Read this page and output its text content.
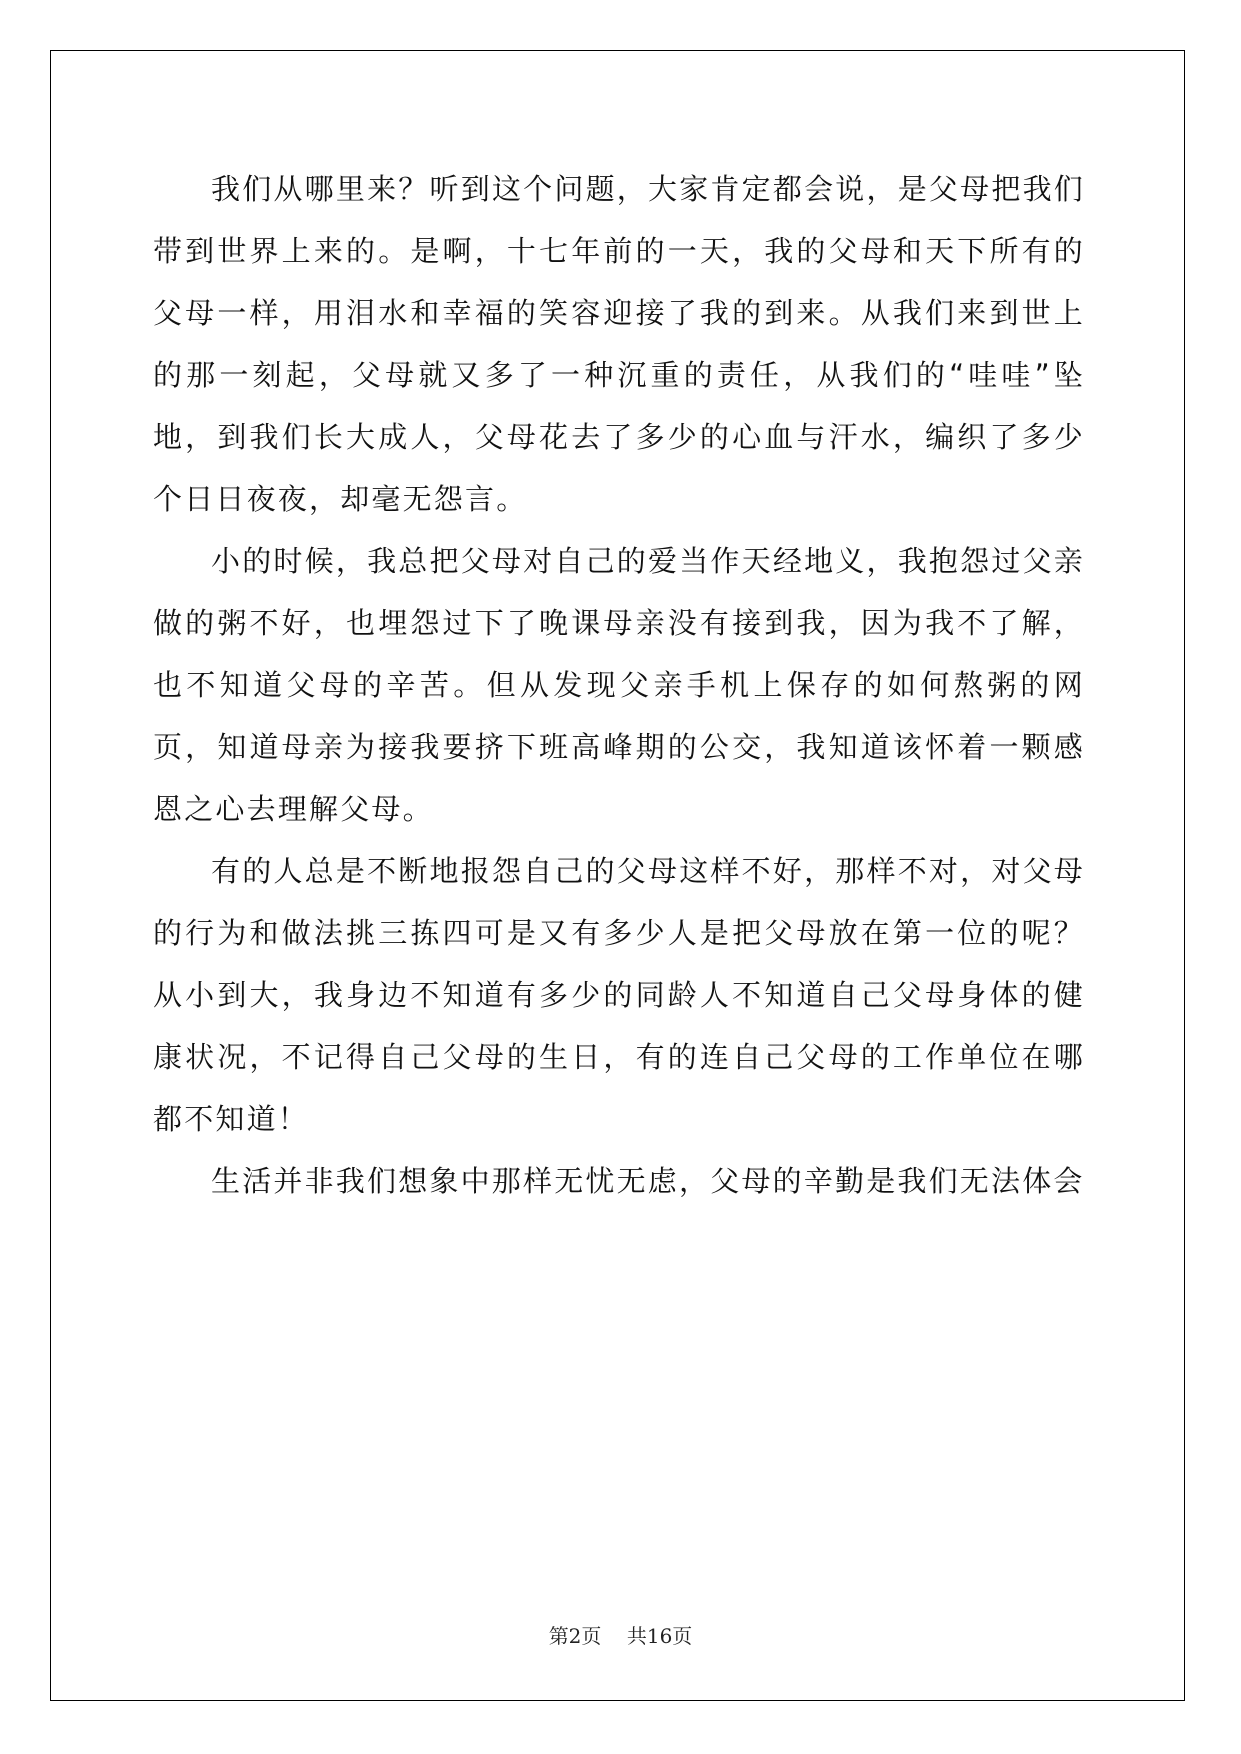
我们从哪里来？听到这个问题，大家肯定都会说，是父母把我们带到世界上来的。是啊，十七年前的一天，我的父母和天下所有的父母一样，用泪水和幸福的笑容迎接了我的到来。从我们来到世上的那一刻起，父母就又多了一种沉重的责任，从我们的“哇哇”坠地，到我们长大成人，父母花去了多少的心血与汗水，编织了多少个日日夜夜，却毫无怨言。

小的时候，我总把父母对自己的爱当作天经地义，我抱怨过父亲做的粥不好，也埋怨过下了晚课母亲没有接到我，因为我不了解，也不知道父母的辛苦。但从发现父亲手机上保存的如何熬粥的网页，知道母亲为接我要挤下班高峰期的公交，我知道该怀着一颗感恩之心去理解父母。

有的人总是不断地报怨自己的父母这样不好，那样不对，对父母的行为和做法挑三拣四可是又有多少人是把父母放在第一位的呢？从小到大，我身边不知道有多少的同龄人不知道自己父母身体的健康状况，不记得自己父母的生日，有的连自己父母的工作单位在哪都不知道！

生活并非我们想象中那样无忧无虑，父母的辛勤是我们无法体会

第2页 共16页
